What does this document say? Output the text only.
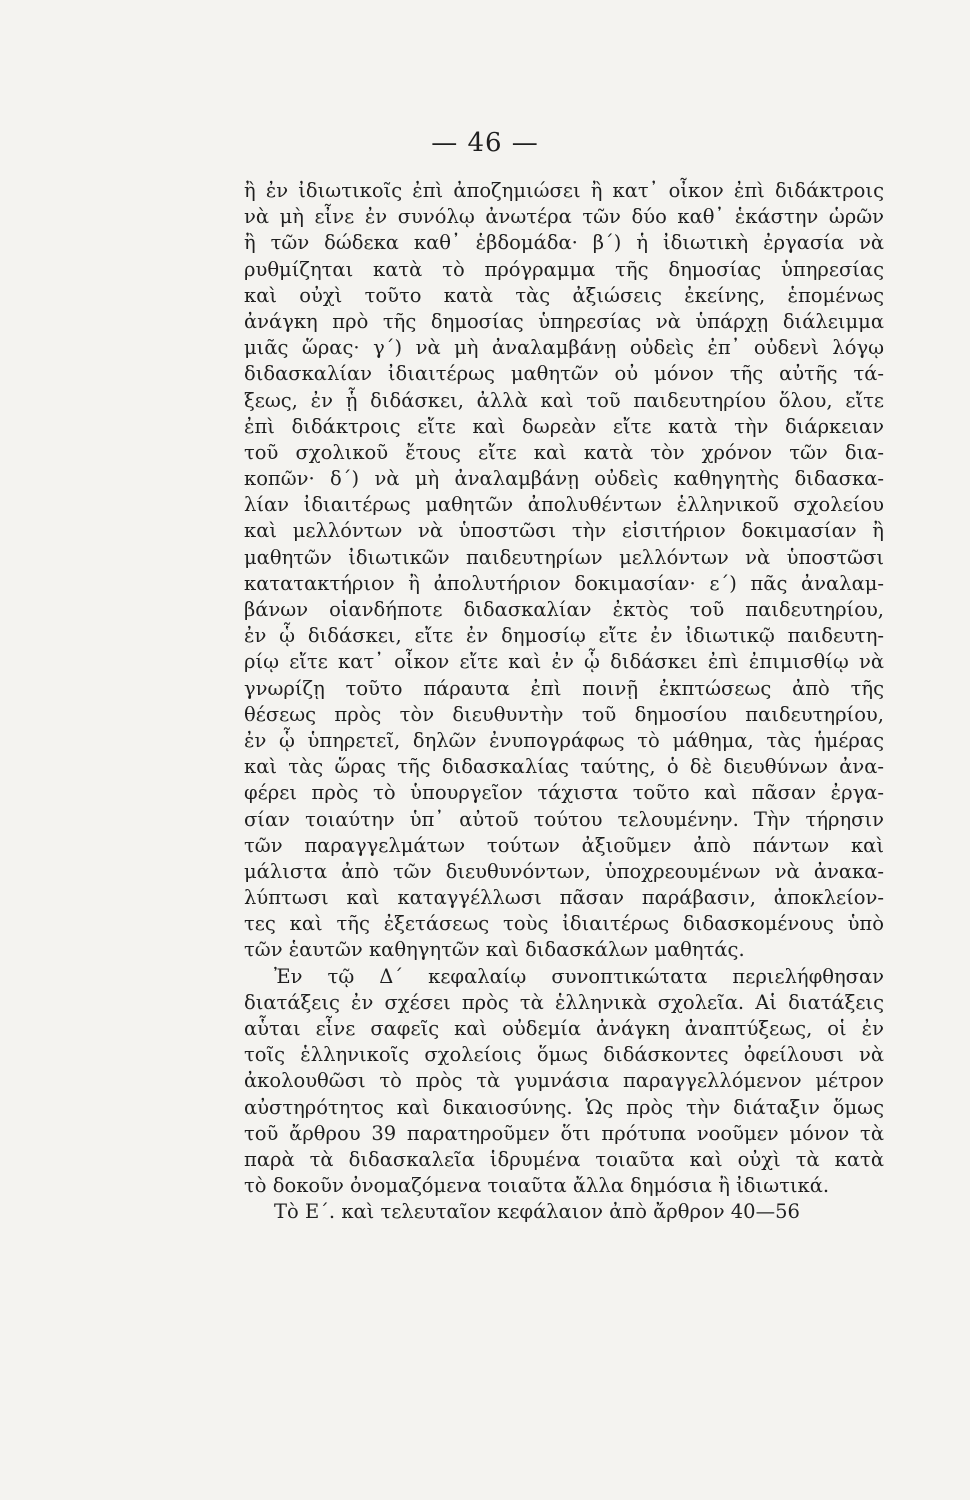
— 46 —
ἢ ἐν ἰδιωτικοῖς ἐπὶ ἀποζημιώσει ἢ κατ᾽ οἶκον ἐπὶ διδάκτροις
νὰ μὴ εἶνε ἐν συνόλῳ ἀνωτέρα τῶν δύο καθ᾽ ἑκάστην ὡρῶν
ἢ τῶν δώδεκα καθ᾽ ἑβδομάδα· β΄) ἡ ἰδιωτικὴ ἐργασία νὰ
ρυθμίζηται κατὰ τὸ πρόγραμμα τῆς δημοσίας ὑπηρεσίας
καὶ οὐχὶ τοῦτο κατὰ τὰς ἀξιώσεις ἐκείνης, ἑπομένως
ἀνάγκη πρὸ τῆς δημοσίας ὑπηρεσίας νὰ ὑπάρχῃ διάλειμμα
μιᾶς ὥρας· γ΄) νὰ μὴ ἀναλαμβάνῃ οὐδεὶς ἐπ᾽ οὐδενὶ λόγῳ
διδασκαλίαν ἰδιαιτέρως μαθητῶν οὐ μόνον τῆς αὐτῆς τά-
ξεως, ἐν ᾗ διδάσκει, ἀλλὰ καὶ τοῦ παιδευτηρίου ὅλου, εἴτε
ἐπὶ διδάκτροις εἴτε καὶ δωρεὰν εἴτε κατὰ τὴν διάρκειαν
τοῦ σχολικοῦ ἔτους εἴτε καὶ κατὰ τὸν χρόνον τῶν δια-
κοπῶν· δ΄) νὰ μὴ ἀναλαμβάνῃ οὐδεὶς καθηγητὴς διδασκα-
λίαν ἰδιαιτέρως μαθητῶν ἀπολυθέντων ἑλληνικοῦ σχολείου
καὶ μελλόντων νὰ ὑποστῶσι τὴν εἰσιτήριον δοκιμασίαν ἢ
μαθητῶν ἰδιωτικῶν παιδευτηρίων μελλόντων νὰ ὑποστῶσι
κατατακτήριον ἢ ἀπολυτήριον δοκιμασίαν· ε΄) πᾶς ἀναλαμ-
βάνων οἱανδήποτε διδασκαλίαν ἐκτὸς τοῦ παιδευτηρίου,
ἐν ᾧ διδάσκει, εἴτε ἐν δημοσίῳ εἴτε ἐν ἰδιωτικῷ παιδευτη-
ρίῳ εἴτε κατ᾽ οἶκον εἴτε καὶ ἐν ᾧ διδάσκει ἐπὶ ἐπιμισθίῳ νὰ
γνωρίζῃ τοῦτο πάραυτα ἐπὶ ποινῇ ἐκπτώσεως ἀπὸ τῆς
θέσεως πρὸς τὸν διευθυντὴν τοῦ δημοσίου παιδευτηρίου,
ἐν ᾧ ὑπηρετεῖ, δηλῶν ἐνυπογράφως τὸ μάθημα, τὰς ἡμέρας
καὶ τὰς ὥρας τῆς διδασκαλίας ταύτης, ὁ δὲ διευθύνων ἀνα-
φέρει πρὸς τὸ ὑπουργεῖον τάχιστα τοῦτο καὶ πᾶσαν ἐργα-
σίαν τοιαύτην ὑπ᾽ αὐτοῦ τούτου τελουμένην. Τὴν τήρησιν
τῶν παραγγελμάτων τούτων ἀξιοῦμεν ἀπὸ πάντων καὶ
μάλιστα ἀπὸ τῶν διευθυνόντων, ὑποχρεουμένων νὰ ἀνακα-
λύπτωσι καὶ καταγγέλλωσι πᾶσαν παράβασιν, ἀποκλείον-
τες καὶ τῆς ἐξετάσεως τοὺς ἰδιαιτέρως διδασκομένους ὑπὸ
τῶν ἑαυτῶν καθηγητῶν καὶ διδασκάλων μαθητάς.
Ἐν τῷ Δ΄ κεφαλαίῳ συνοπτικώτατα περιελήφθησαν
διατάξεις ἐν σχέσει πρὸς τὰ ἑλληνικὰ σχολεῖα. Αἱ διατάξεις
αὗται εἶνε σαφεῖς καὶ οὐδεμία ἀνάγκη ἀναπτύξεως, οἱ ἐν
τοῖς ἑλληνικοῖς σχολείοις ὅμως διδάσκοντες ὀφείλουσι νὰ
ἀκολουθῶσι τὸ πρὸς τὰ γυμνάσια παραγγελλόμενον μέτρον
αὐστηρότητος καὶ δικαιοσύνης. Ὡς πρὸς τὴν διάταξιν ὅμως
τοῦ ἄρθρου 39 παρατηροῦμεν ὅτι πρότυπα νοοῦμεν μόνον τὰ
παρὰ τὰ διδασκαλεῖα ἱδρυμένα τοιαῦτα καὶ οὐχὶ τὰ κατὰ
τὸ δοκοῦν ὀνομαζόμενα τοιαῦτα ἄλλα δημόσια ἢ ἰδιωτικά.
Τὸ Ε΄. καὶ τελευταῖον κεφάλαιον ἀπὸ ἄρθρον 40—56
